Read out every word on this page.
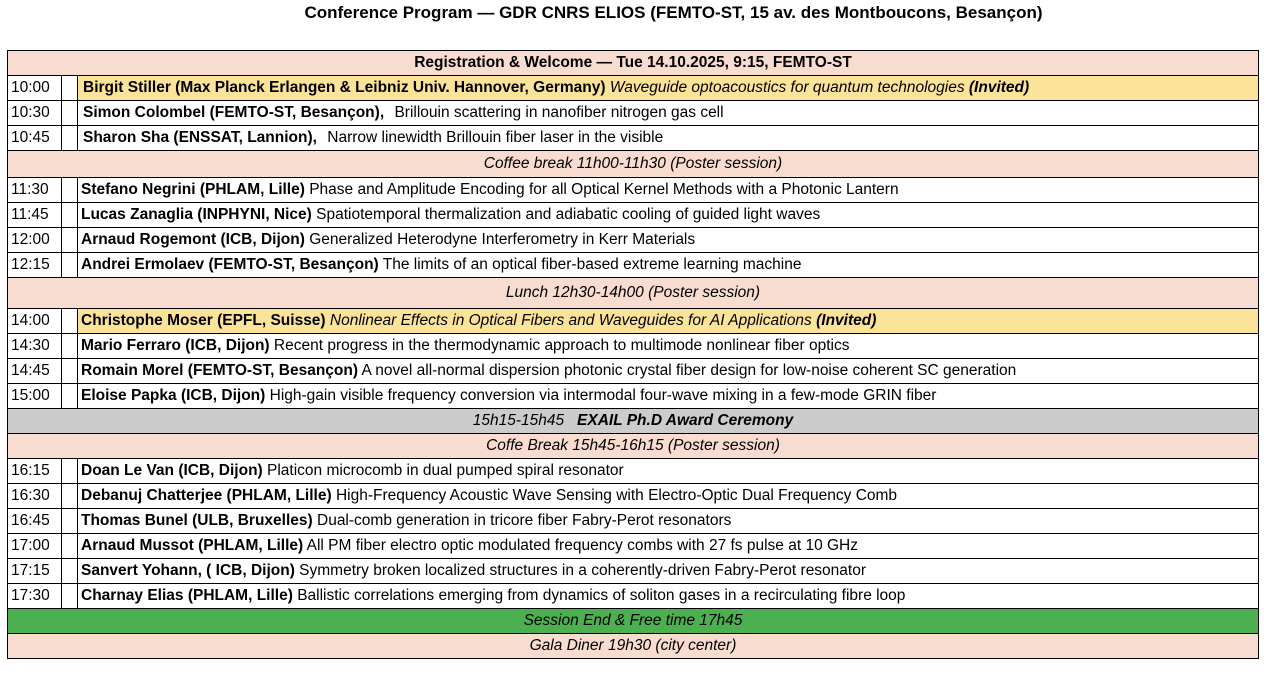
Conference Program — GDR CNRS ELIOS (FEMTO-ST, 15 av. des Montboucons, Besançon)
Registration & Welcome — Tue 14.10.2025, 9:15, FEMTO-ST		
10:00		Birgit Stiller (Max Planck Erlangen & Leibniz Univ. Hannover, Germany) Waveguide optoacoustics for quantum technologies (Invited)
10:30		Simon Colombel (FEMTO-ST, Besançon), Brillouin scattering in nanofiber nitrogen gas cell
10:45		Sharon Sha (ENSSAT, Lannion), Narrow linewidth Brillouin fiber laser in the visible
Coffee break 11h00-11h30 (Poster session)		
11:30		Stefano Negrini (PHLAM, Lille) Phase and Amplitude Encoding for all Optical Kernel Methods with a Photonic Lantern
11:45		Lucas Zanaglia (INPHYNI, Nice) Spatiotemporal thermalization and adiabatic cooling of guided light waves
12:00		Arnaud Rogemont (ICB, Dijon) Generalized Heterodyne Interferometry in Kerr Materials
12:15		Andrei Ermolaev (FEMTO-ST, Besançon) The limits of an optical fiber-based extreme learning machine
Lunch 12h30-14h00 (Poster session)		
14:00		Christophe Moser (EPFL, Suisse) Nonlinear Effects in Optical Fibers and Waveguides for AI Applications (Invited)
14:30		Mario Ferraro (ICB, Dijon) Recent progress in the thermodynamic approach to multimode nonlinear fiber optics
14:45		Romain Morel (FEMTO-ST, Besançon) A novel all-normal dispersion photonic crystal fiber design for low-noise coherent SC generation
15:00		Eloise Papka (ICB, Dijon) High-gain visible frequency conversion via intermodal four-wave mixing in a few-mode GRIN fiber
15h15-15h45 EXAIL Ph.D Award Ceremony		
Coffe Break 15h45-16h15 (Poster session)		
16:15		Doan Le Van (ICB, Dijon) Platicon microcomb in dual pumped spiral resonator
16:30		Debanuj Chatterjee (PHLAM, Lille) High-Frequency Acoustic Wave Sensing with Electro-Optic Dual Frequency Comb
16:45		Thomas Bunel (ULB, Bruxelles) Dual-comb generation in tricore fiber Fabry-Perot resonators
17:00		Arnaud Mussot (PHLAM, Lille) All PM fiber electro optic modulated frequency combs with 27 fs pulse at 10 GHz
17:15		Sanvert Yohann, ( ICB, Dijon) Symmetry broken localized structures in a coherently-driven Fabry-Perot resonator
17:30		Charnay Elias (PHLAM, Lille) Ballistic correlations emerging from dynamics of soliton gases in a recirculating fibre loop
Session End & Free time 17h45		
Gala Diner 19h30 (city center)		
